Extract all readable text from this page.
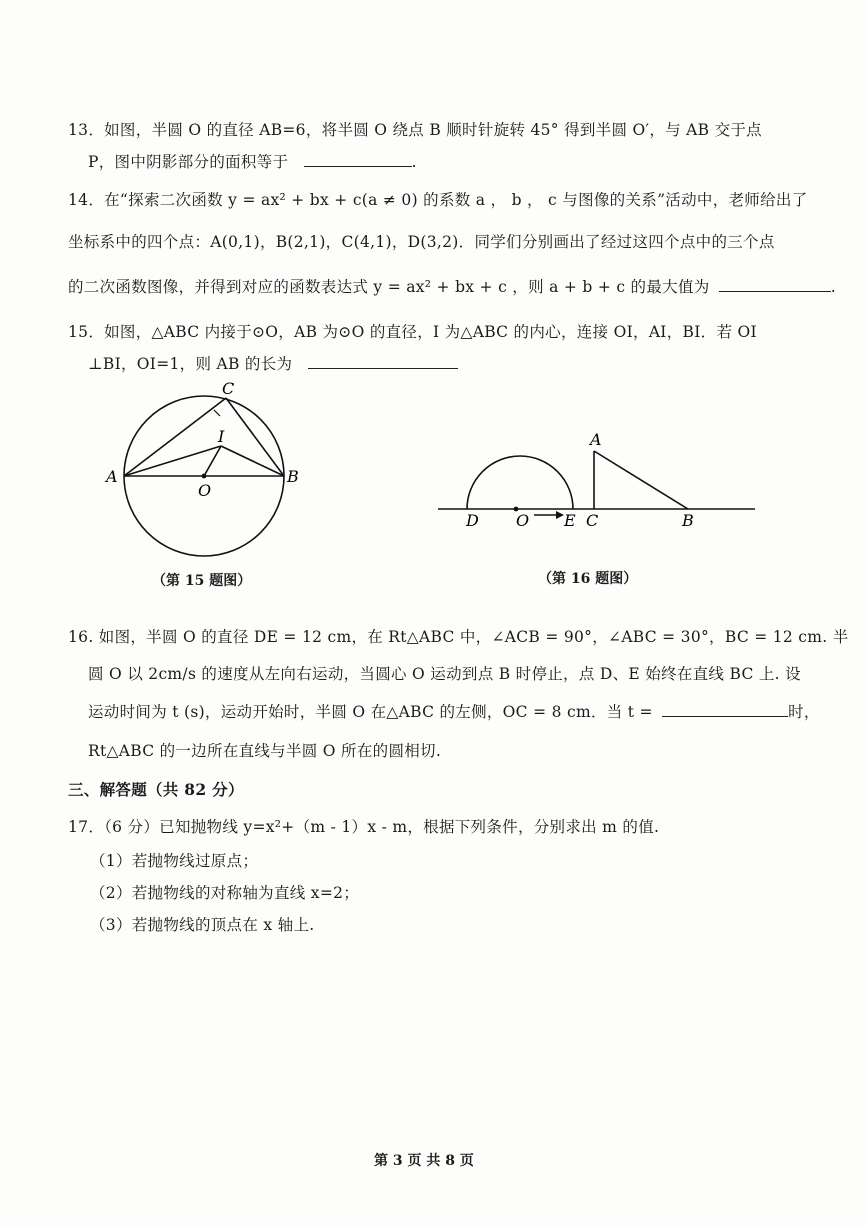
13．如图，半圆 O 的直径 AB=6，将半圆 O 绕点 B 顺时针旋转 45° 得到半圆 O′，与 AB 交于点
P，图中阴影部分的面积等于	.
14．在“探索二次函数 y = ax² + bx + c(a ≠ 0) 的系数 a ， b ， c 与图像的关系”活动中，老师给出了
坐标系中的四个点：A(0,1)，B(2,1)，C(4,1)，D(3,2)．同学们分别画出了经过这四个点中的三个点
的二次函数图像，并得到对应的函数表达式 y = ax² + bx + c ，则 a + b + c 的最大值为	.
15．如图，△ABC 内接于⊙O，AB 为⊙O 的直径，I 为△ABC 的内心，连接 OI，AI，BI．若 OI
⊥BI，OI=1，则 AB 的长为
C
I
A	B
O
（第 15 题图）
A
D O E C	B
（第 16 题图）
16. 如图，半圆 O 的直径 DE = 12 cm，在 Rt△ABC 中，∠ACB = 90°，∠ABC = 30°，BC = 12 cm. 半
圆 O 以 2cm/s 的速度从左向右运动，当圆心 O 运动到点 B 时停止，点 D、E 始终在直线 BC 上. 设
运动时间为 t (s)，运动开始时，半圆 O 在△ABC 的左侧，OC = 8 cm．当 t =	时，
Rt△ABC 的一边所在直线与半圆 O 所在的圆相切.
三、解答题（共 82 分）
17．（6 分）已知抛物线 y=x²+（m - 1）x - m，根据下列条件，分别求出 m 的值.
（1）若抛物线过原点；
（2）若抛物线的对称轴为直线 x=2；
（3）若抛物线的顶点在 x 轴上.
第 3 页 共 8 页
